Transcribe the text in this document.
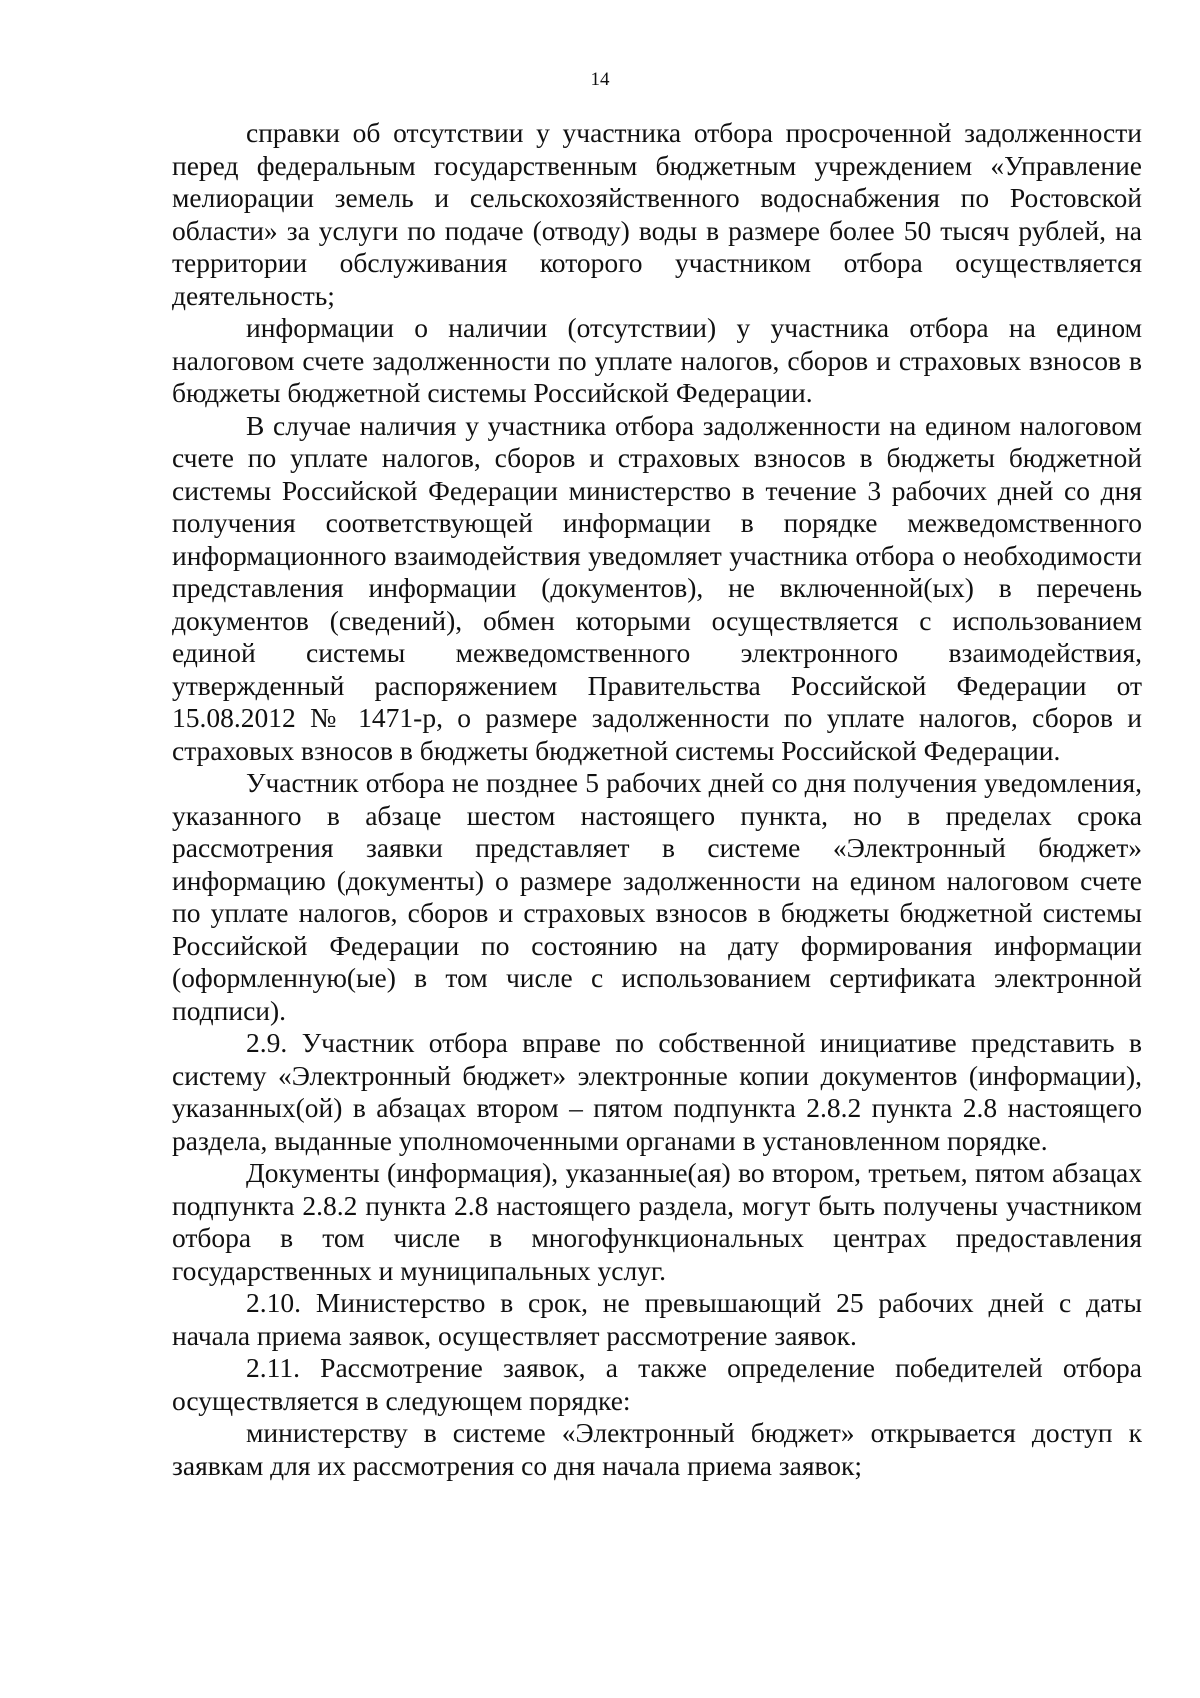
14

справки об отсутствии у участника отбора просроченной задолженности перед федеральным государственным бюджетным учреждением «Управление мелиорации земель и сельскохозяйственного водоснабжения по Ростовской области» за услуги по подаче (отводу) воды в размере более 50 тысяч рублей, на территории обслуживания которого участником отбора осуществляется деятельность;

информации о наличии (отсутствии) у участника отбора на едином налоговом счете задолженности по уплате налогов, сборов и страховых взносов в бюджеты бюджетной системы Российской Федерации.

В случае наличия у участника отбора задолженности на едином налоговом счете по уплате налогов, сборов и страховых взносов в бюджеты бюджетной системы Российской Федерации министерство в течение 3 рабочих дней со дня получения соответствующей информации в порядке межведомственного информационного взаимодействия уведомляет участника отбора о необходимости представления информации (документов), не включенной(ых) в перечень документов (сведений), обмен которыми осуществляется с использованием единой системы межведомственного электронного взаимодействия, утвержденный распоряжением Правительства Российской Федерации от 15.08.2012 № 1471-р, о размере задолженности по уплате налогов, сборов и страховых взносов в бюджеты бюджетной системы Российской Федерации.

Участник отбора не позднее 5 рабочих дней со дня получения уведомления, указанного в абзаце шестом настоящего пункта, но в пределах срока рассмотрения заявки представляет в системе «Электронный бюджет» информацию (документы) о размере задолженности на едином налоговом счете по уплате налогов, сборов и страховых взносов в бюджеты бюджетной системы Российской Федерации по состоянию на дату формирования информации (оформленную(ые) в том числе с использованием сертификата электронной подписи).

2.9. Участник отбора вправе по собственной инициативе представить в систему «Электронный бюджет» электронные копии документов (информации), указанных(ой) в абзацах втором – пятом подпункта 2.8.2 пункта 2.8 настоящего раздела, выданные уполномоченными органами в установленном порядке.

Документы (информация), указанные(ая) во втором, третьем, пятом абзацах подпункта 2.8.2 пункта 2.8 настоящего раздела, могут быть получены участником отбора в том числе в многофункциональных центрах предоставления государственных и муниципальных услуг.

2.10. Министерство в срок, не превышающий 25 рабочих дней с даты начала приема заявок, осуществляет рассмотрение заявок.

2.11. Рассмотрение заявок, а также определение победителей отбора осуществляется в следующем порядке:

министерству в системе «Электронный бюджет» открывается доступ к заявкам для их рассмотрения со дня начала приема заявок;
